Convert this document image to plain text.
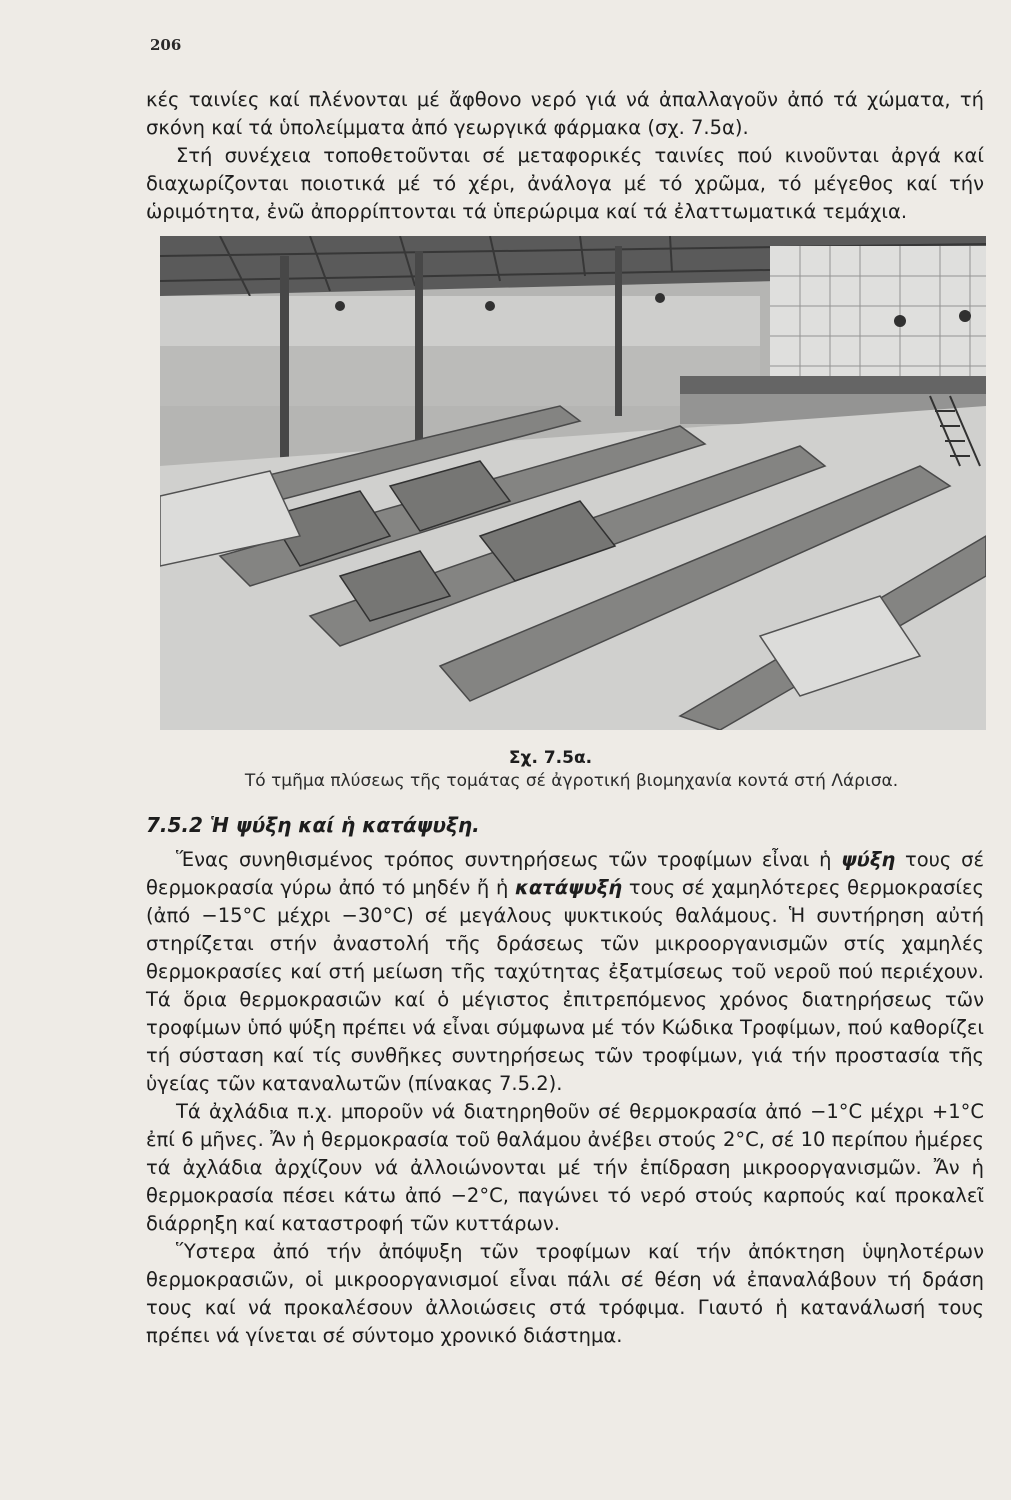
206

κές ταινίες καί πλένονται μέ ἄφθονο νερό γιά νά ἀπαλλαγοῦν ἀπό τά χώματα, τή σκόνη καί τά ὑπολείμματα ἀπό γεωργικά φάρμακα (σχ. 7.5α).

Στή συνέχεια τοποθετοῦνται σέ μεταφορικές ταινίες πού κινοῦνται ἀργά καί διαχωρίζονται ποιοτικά μέ τό χέρι, ἀνάλογα μέ τό χρῶμα, τό μέγεθος καί τήν ὡριμότητα, ἐνῶ ἀπορρίπτονται τά ὑπερώριμα καί τά ἐλαττωματικά τεμάχια.

Σχ. 7.5α.
Τό τμῆμα πλύσεως τῆς τομάτας σέ ἀγροτική βιομηχανία κοντά στή Λάρισα.
7.5.2 Ἡ ψύξη καί ἡ κατάψυξη.

Ἕνας συνηθισμένος τρόπος συντηρήσεως τῶν τροφίμων εἶναι ἡ ψύξη τους σέ θερμοκρασία γύρω ἀπό τό μηδέν ἤ ἡ κατάψυξή τους σέ χαμηλότερες θερμοκρασίες (ἀπό −15°C μέχρι −30°C) σέ μεγάλους ψυκτικούς θαλάμους. Ἡ συντήρηση αὐτή στηρίζεται στήν ἀναστολή τῆς δράσεως τῶν μικροοργανισμῶν στίς χαμηλές θερμοκρασίες καί στή μείωση τῆς ταχύτητας ἐξατμίσεως τοῦ νεροῦ πού περιέχουν. Τά ὅρια θερμοκρασιῶν καί ὁ μέγιστος ἐπιτρεπόμενος χρόνος διατηρήσεως τῶν τροφίμων ὑπό ψύξη πρέπει νά εἶναι σύμφωνα μέ τόν Κώδικα Τροφίμων, πού καθορίζει τή σύσταση καί τίς συνθῆκες συντηρήσεως τῶν τροφίμων, γιά τήν προστασία τῆς ὑγείας τῶν καταναλωτῶν (πίνακας 7.5.2).

Τά ἀχλάδια π.χ. μποροῦν νά διατηρηθοῦν σέ θερμοκρασία ἀπό −1°C μέχρι +1°C ἐπί 6 μῆνες. Ἄν ἡ θερμοκρασία τοῦ θαλάμου ἀνέβει στούς 2°C, σέ 10 περίπου ἡμέρες τά ἀχλάδια ἀρχίζουν νά ἀλλοιώνονται μέ τήν ἐπίδραση μικροοργανισμῶν. Ἄν ἡ θερμοκρασία πέσει κάτω ἀπό −2°C, παγώνει τό νερό στούς καρπούς καί προκαλεῖ διάρρηξη καί καταστροφή τῶν κυττάρων.

Ὕστερα ἀπό τήν ἀπόψυξη τῶν τροφίμων καί τήν ἀπόκτηση ὑψηλοτέρων θερμοκρασιῶν, οἱ μικροοργανισμοί εἶναι πάλι σέ θέση νά ἐπαναλάβουν τή δράση τους καί νά προκαλέσουν ἀλλοιώσεις στά τρόφιμα. Γιαυτό ἡ κατανάλωσή τους πρέπει νά γίνεται σέ σύντομο χρονικό διάστημα.
